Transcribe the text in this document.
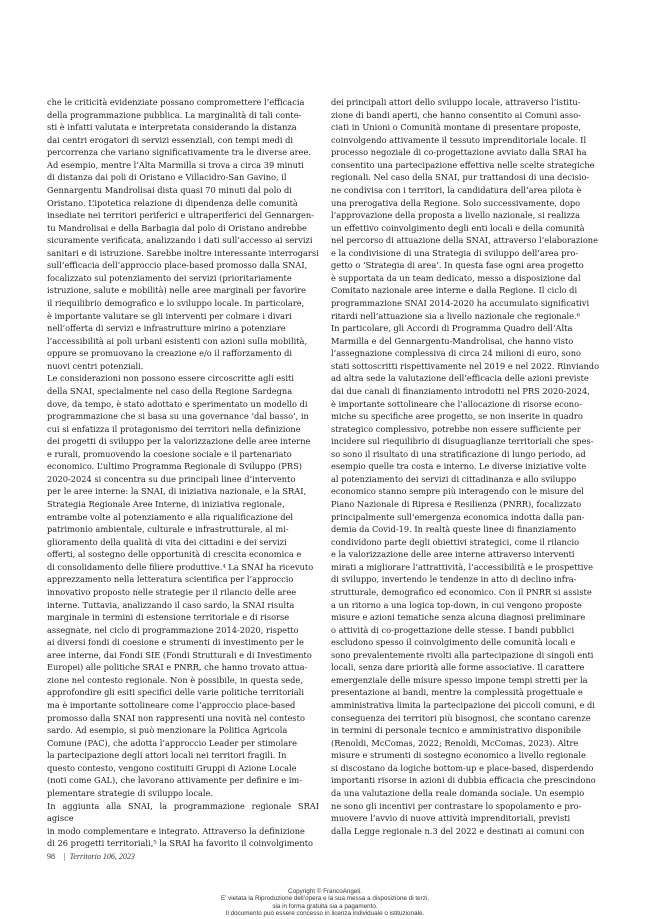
che le criticità evidenziate possano compromettere l’efficacia
della programmazione pubblica. La marginalità di tali conte-
sti è infatti valutata e interpretata considerando la distanza
dai centri erogatori di servizi essenziali, con tempi medi di
percorrenza che variano significativamente tra le diverse aree.
Ad esempio, mentre l’Alta Marmilla si trova a circa 39 minuti
di distanza dai poli di Oristano e Villacidro-San Gavino, il
Gennargentu Mandrolisai dista quasi 70 minuti dal polo di
Oristano. L’ipotetica relazione di dipendenza delle comunità
insediate nei territori periferici e ultraperiferici del Gennargen-
tu Mandrolisai e della Barbagia dal polo di Oristano andrebbe
sicuramente verificata, analizzando i dati sull’accesso ai servizi
sanitari e di istruzione. Sarebbe inoltre interessante interrogarsi
sull’efficacia dell’approccio place-based promosso dalla SNAI,
focalizzato sul potenziamento dei servizi (prioritariamente
istruzione, salute e mobilità) nelle aree marginali per favorire
il riequilibrio demografico e lo sviluppo locale. In particolare,
è importante valutare se gli interventi per colmare i divari
nell’offerta di servizi e infrastrutture mirino a potenziare
l’accessibilità ai poli urbani esistenti con azioni sulla mobilità,
oppure se promuovano la creazione e/o il rafforzamento di
nuovi centri potenziali.

Le considerazioni non possono essere circoscritte agli esiti
della SNAI, specialmente nel caso della Regione Sardegna
dove, da tempo, è stato adottato e sperimentato un modello di
programmazione che si basa su una governance ‘dal basso’, in
cui si enfatizza il protagonismo dei territori nella definizione
dei progetti di sviluppo per la valorizzazione delle aree interne
e rurali, promuovendo la coesione sociale e il partenariato
economico. L’ultimo Programma Regionale di Sviluppo (PRS)
2020-2024 si concentra su due principali linee d’intervento
per le aree interne: la SNAI, di iniziativa nazionale, e la SRAI,
Strategia Regionale Aree Interne, di iniziativa regionale,
entrambe volte al potenziamento e alla riqualificazione del
patrimonio ambientale, culturale e infrastrutturale, al mi-
glioramento della qualità di vita dei cittadini e dei servizi
offerti, al sostegno delle opportunità di crescita economica e
di consolidamento delle filiere produttive.⁴ La SNAI ha ricevuto
apprezzamento nella letteratura scientifica per l’approccio
innovativo proposto nelle strategie per il rilancio delle aree
interne. Tuttavia, analizzando il caso sardo, la SNAI risulta
marginale in termini di estensione territoriale e di risorse
assegnate, nel ciclo di programmazione 2014-2020, rispetto
ai diversi fondi di coesione e strumenti di investimento per le
aree interne, dai Fondi SIE (Fondi Strutturali e di Investimento
Europei) alle politiche SRAI e PNRR, che hanno trovato attua-
zione nel contesto regionale. Non è possibile, in questa sede,
approfondire gli esiti specifici delle varie politiche territoriali
ma è importante sottolineare come l’approccio place-based
promosso dalla SNAI non rappresenti una novità nel contesto
sardo. Ad esempio, si può menzionare la Politica Agricola
Comune (PAC), che adotta l’approccio Leader per stimolare
la partecipazione degli attori locali nei territori fragili. In
questo contesto, vengono costituiti Gruppi di Azione Locale
(noti come GAL), che lavorano attivamente per definire e im-
plementare strategie di sviluppo locale.

In aggiunta alla SNAI, la programmazione regionale SRAI agisce
in modo complementare e integrato. Attraverso la definizione
di 26 progetti territoriali,⁵ la SRAI ha favorito il coinvolgimento

dei principali attori dello sviluppo locale, attraverso l’istitu-
zione di bandi aperti, che hanno consentito ai Comuni asso-
ciati in Unioni o Comunità montane di presentare proposte,
coinvolgendo attivamente il tessuto imprenditoriale locale. Il
processo negoziale di co-progettazione avviato dalla SRAI ha
consentito una partecipazione effettiva nelle scelte strategiche
regionali. Nel caso della SNAI, pur trattandosi di una decisio-
ne condivisa con i territori, la candidatura dell’area pilota è
una prerogativa della Regione. Solo successivamente, dopo
l’approvazione della proposta a livello nazionale, si realizza
un effettivo coinvolgimento degli enti locali e della comunità
nel percorso di attuazione della SNAI, attraverso l’elaborazione
e la condivisione di una Strategia di sviluppo dell’area pro-
getto o ‘Strategia di area’. In questa fase ogni area progetto
è supportata da un team dedicato, messo a disposizione dal
Comitato nazionale aree interne e dalla Regione. Il ciclo di
programmazione SNAI 2014-2020 ha accumulato significativi
ritardi nell’attuazione sia a livello nazionale che regionale.⁶

In particolare, gli Accordi di Programma Quadro dell’Alta
Marmilla e del Gennargentu-Mandrolisai, che hanno visto
l’assegnazione complessiva di circa 24 milioni di euro, sono
stati sottoscritti rispettivamente nel 2019 e nel 2022. Rinviando
ad altra sede la valutazione dell’efficacia delle azioni previste
dai due canali di finanziamento introdotti nel PRS 2020-2024,
è importante sottolineare che l’allocazione di risorse econo-
miche su specifiche aree progetto, se non inserite in quadro
strategico complessivo, potrebbe non essere sufficiente per
incidere sul riequilibrio di disuguaglianze territoriali che spes-
so sono il risultato di una stratificazione di lungo periodo, ad
esempio quelle tra costa e interno. Le diverse iniziative volte
al potenziamento dei servizi di cittadinanza e allo sviluppo
economico stanno sempre più interagendo con le misure del
Piano Nazionale di Ripresa e Resilienza (PNRR), focalizzato
principalmente sull’emergenza economica indotta dalla pan-
demia da Covid-19. In realtà queste linee di finanziamento
condividono parte degli obiettivi strategici, come il rilancio
e la valorizzazione delle aree interne attraverso interventi
mirati a migliorare l’attrattività, l’accessibilità e le prospettive
di sviluppo, invertendo le tendenze in atto di declino infra-
strutturale, demografico ed economico. Con il PNRR si assiste
a un ritorno a una logica top-down, in cui vengono proposte
misure e azioni tematiche senza alcuna diagnosi preliminare
o attività di co-progettazione delle stesse. I bandi pubblici
escludono spesso il coinvolgimento delle comunità locali e
sono prevalentemente rivolti alla partecipazione di singoli enti
locali, senza dare priorità alle forme associative. Il carattere
emergenziale delle misure spesso impone tempi stretti per la
presentazione ai bandi, mentre la complessità progettuale e
amministrativa limita la partecipazione dei piccoli comuni, e di
conseguenza dei territori più bisognosi, che scontano carenze
in termini di personale tecnico e amministrativo disponibile
(Renoldi, McComas, 2022; Renoldi, McComas, 2023). Altre
misure e strumenti di sostegno economico a livello regionale
si discostano da logiche bottom-up e place-based, disperdendo
importanti risorse in azioni di dubbia efficacia che prescindono
da una valutazione della reale domanda sociale. Un esempio
ne sono gli incentivi per contrastare lo spopolamento e pro-
muovere l’avvio di nuove attività imprenditoriali, previsti
dalla Legge regionale n.3 del 2022 e destinati ai comuni con

98 | Territorio 106, 2023
Copyright © FrancoAngeli.
E’ vietata la Riproduzione dell’opera e la sua messa a disposizione di terzi,
sia in forma gratuita sia a pagamento.
Il documento può essere concesso in licenza individuale o istituzionale.
